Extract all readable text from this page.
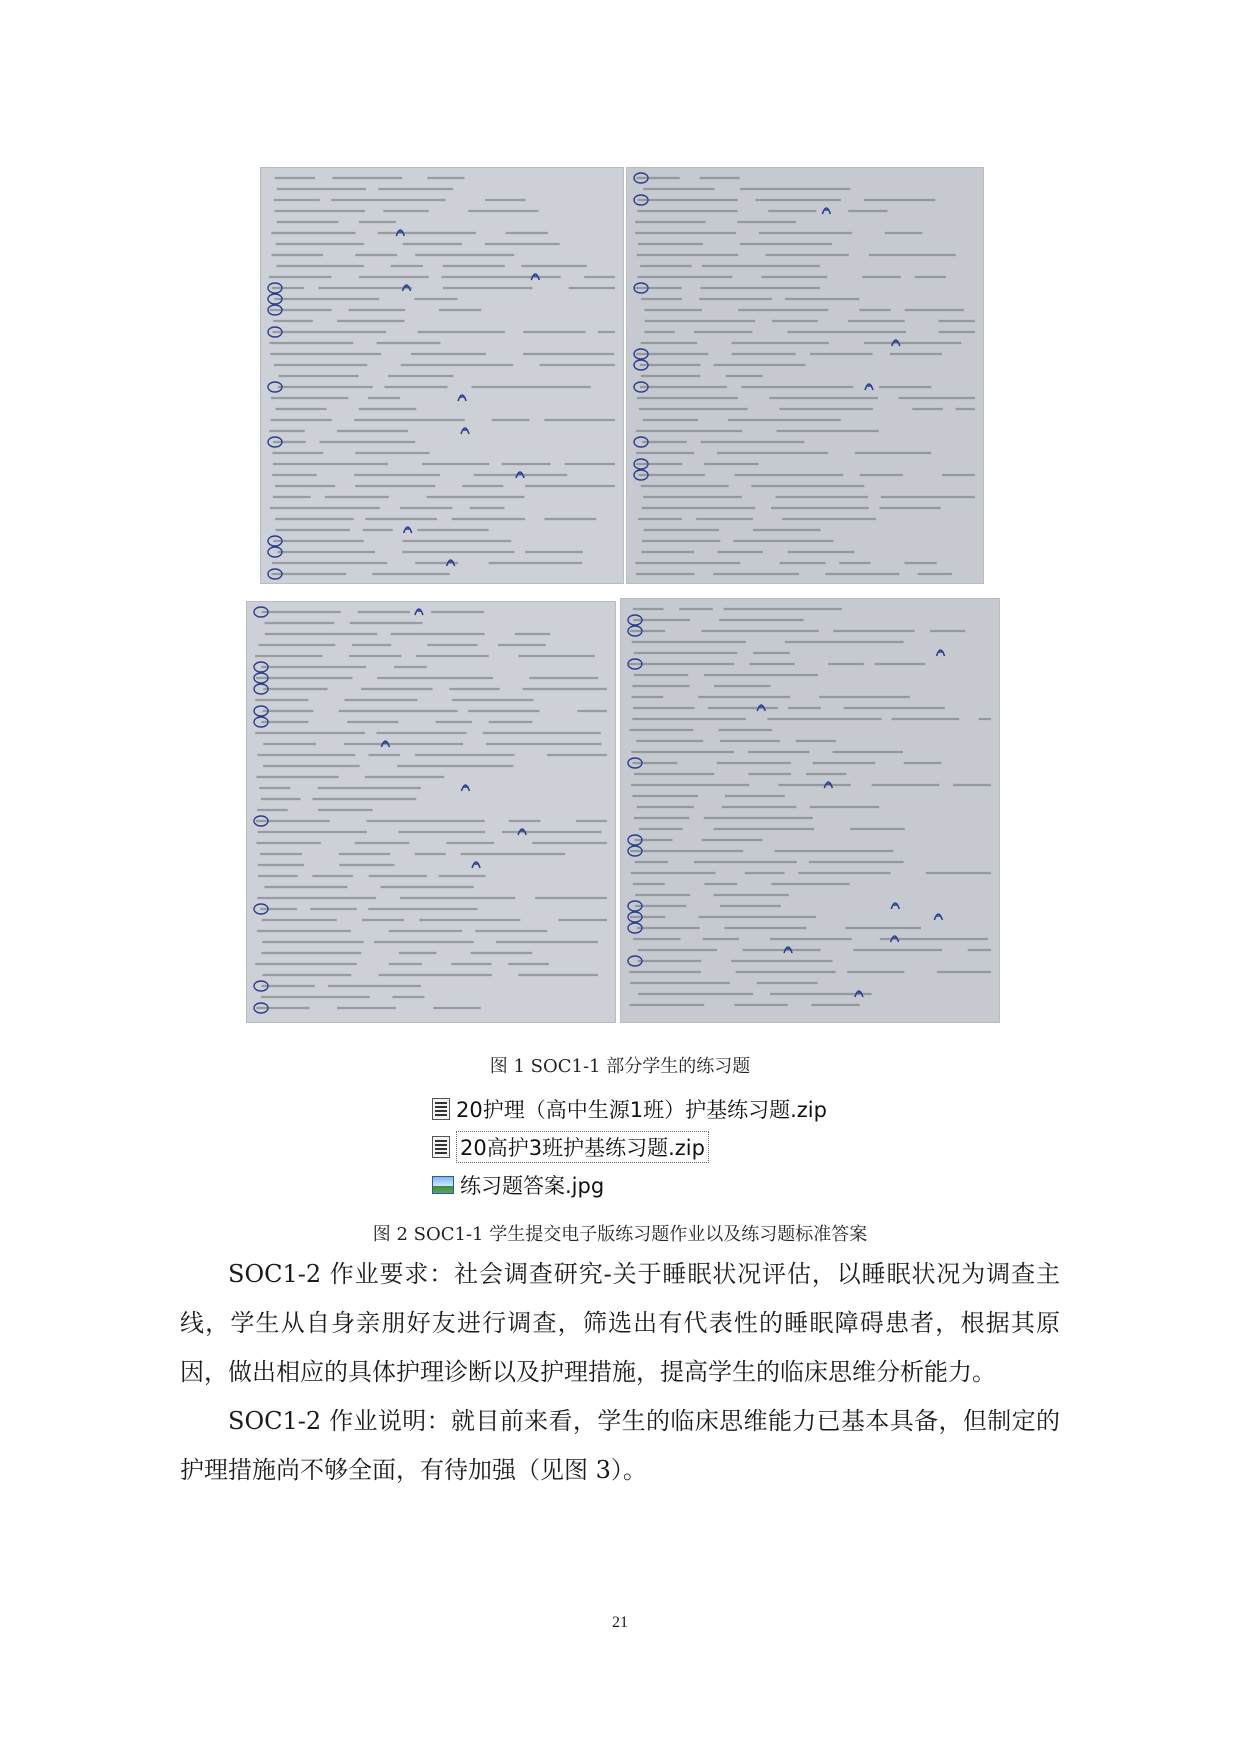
图 1 SOC1-1 部分学生的练习题
20护理（高中生源1班）护基练习题.zip
20高护3班护基练习题.zip
练习题答案.jpg
图 2 SOC1-1 学生提交电子版练习题作业以及练习题标准答案

SOC1-2 作业要求：社会调查研究-关于睡眠状况评估，以睡眠状况为调查主线，学生从自身亲朋好友进行调查，筛选出有代表性的睡眠障碍患者，根据其原因，做出相应的具体护理诊断以及护理措施，提高学生的临床思维分析能力。

SOC1-2 作业说明：就目前来看，学生的临床思维能力已基本具备，但制定的护理措施尚不够全面，有待加强（见图 3）。

21
